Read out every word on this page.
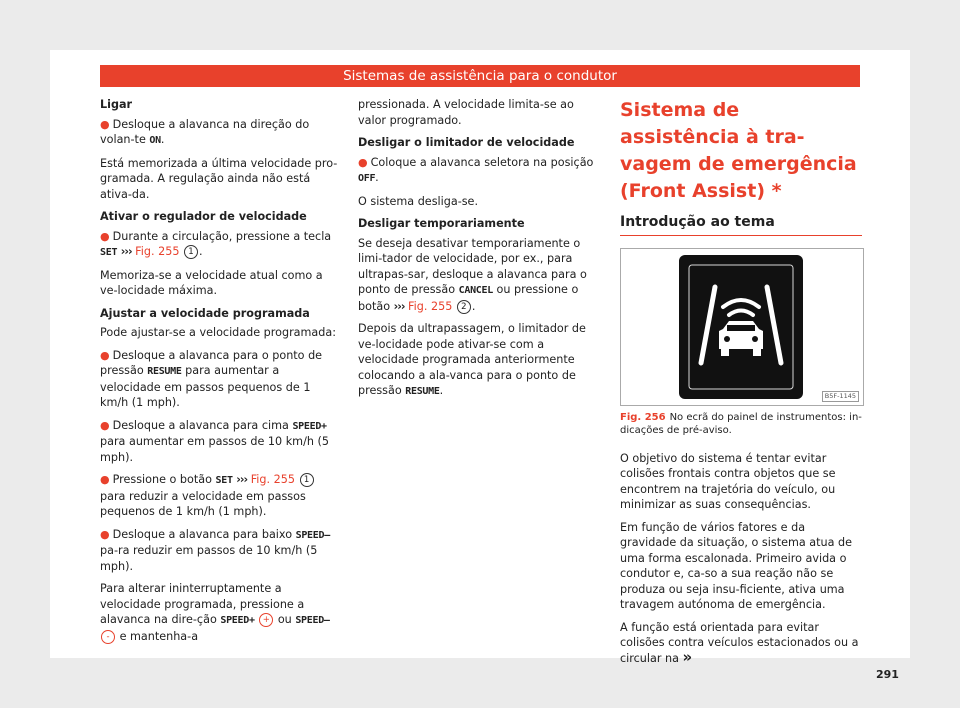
Sistemas de assistência para o condutor

Ligar

● Desloque a alavanca na direção do volan-te ON.

Está memorizada a última velocidade pro-gramada. A regulação ainda não está ativa-da.

Ativar o regulador de velocidade

● Durante a circulação, pressione a tecla SET ››› Fig. 255 1 .

Memoriza-se a velocidade atual como a ve-locidade máxima.

Ajustar a velocidade programada

Pode ajustar-se a velocidade programada:

● Desloque a alavanca para o ponto de pressão RESUME para aumentar a velocidade em passos pequenos de 1 km/h (1 mph).

● Desloque a alavanca para cima SPEED+ para aumentar em passos de 10 km/h (5 mph).

● Pressione o botão SET ››› Fig. 255 1 para reduzir a velocidade em passos pequenos de 1 km/h (1 mph).

● Desloque a alavanca para baixo SPEED– pa-ra reduzir em passos de 10 km/h (5 mph).

Para alterar ininterruptamente a velocidade programada, pressione a alavanca na dire-ção SPEED+ + ou SPEED– - e mantenha-a

pressionada. A velocidade limita-se ao valor programado.

Desligar o limitador de velocidade

● Coloque a alavanca seletora na posição OFF.

O sistema desliga-se.

Desligar temporariamente

Se deseja desativar temporariamente o limi-tador de velocidade, por ex., para ultrapas-sar, desloque a alavanca para o ponto de pressão CANCEL ou pressione o botão ››› Fig. 255 2 .

Depois da ultrapassagem, o limitador de ve-locidade pode ativar-se com a velocidade programada anteriormente colocando a ala-vanca para o ponto de pressão RESUME.

Sistema de assistência à tra-vagem de emergência (Front Assist) *
Introdução ao tema
B5F-1145
Fig. 256 No ecrã do painel de instrumentos: in-dicações de pré-aviso.

O objetivo do sistema é tentar evitar colisões frontais contra objetos que se encontrem na trajetória do veículo, ou minimizar as suas consequências.

Em função de vários fatores e da gravidade da situação, o sistema atua de uma forma escalonada. Primeiro avida o condutor e, ca-so a sua reação não se produza ou seja insu-ficiente, ativa uma travagem autónoma de emergência.

A função está orientada para evitar colisões contra veículos estacionados ou a circular na »

291
